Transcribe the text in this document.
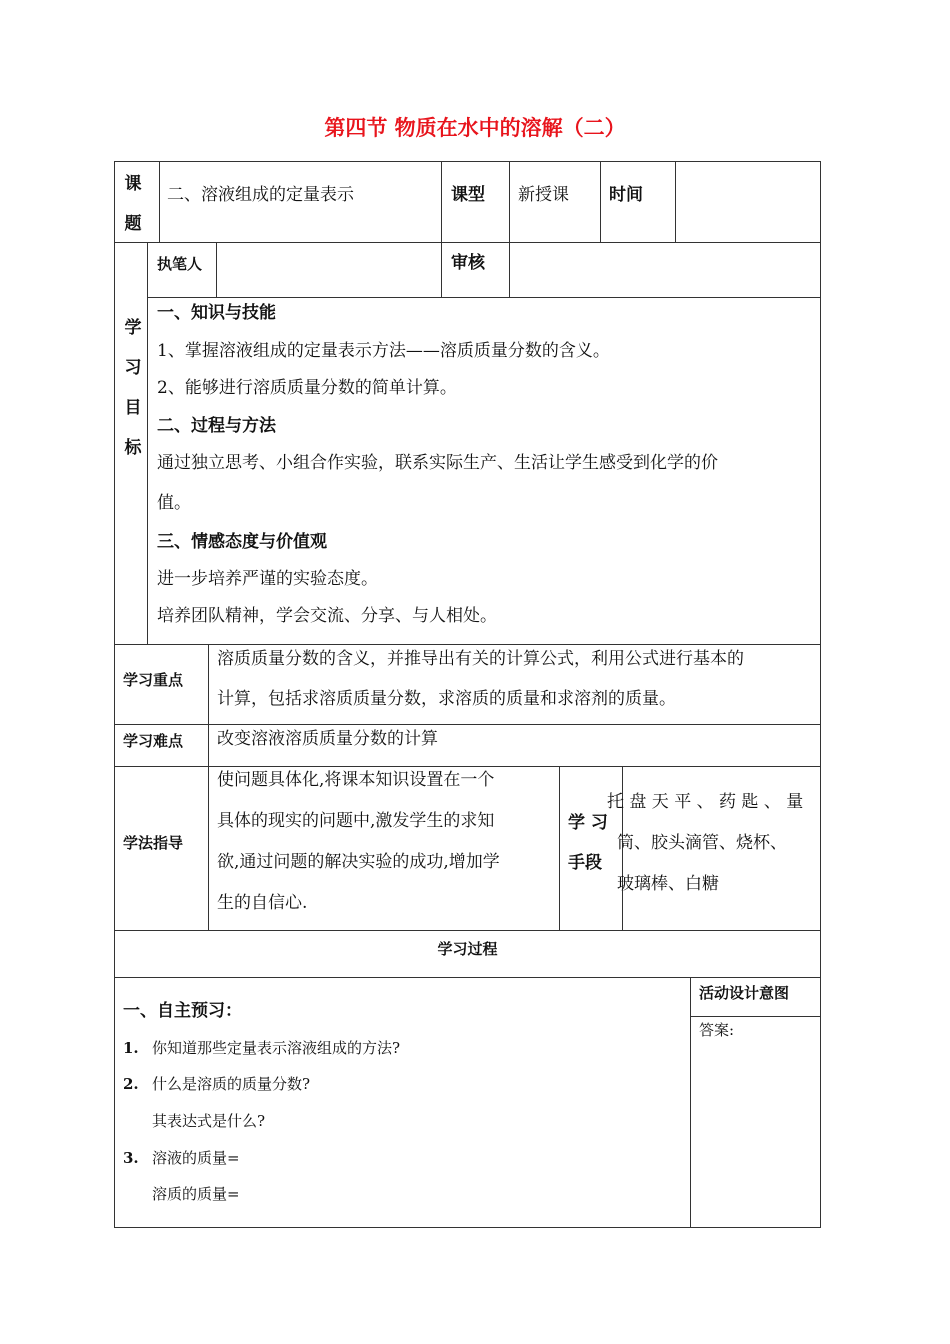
第四节 物质在水中的溶解（二）
课题
二、溶液组成的定量表示	课型 新授课 时间
执笔人	审核
学习目标
一、知识与技能
1、掌握溶液组成的定量表示方法——溶质质量分数的含义。
2、能够进行溶质质量分数的简单计算。
二、过程与方法
通过独立思考、小组合作实验，联系实际生产、生活让学生感受到化学的价
值。
三、情感态度与价值观
进一步培养严谨的实验态度。
培养团队精神，学会交流、分享、与人相处。
学习重点
溶质质量分数的含义，并推导出有关的计算公式，利用公式进行基本的
计算，包括求溶质质量分数，求溶质的质量和求溶剂的质量。
学习难点 改变溶液溶质质量分数的计算
学法指导
使问题具体化,将课本知识设置在一个
具体的现实的问题中,激发学生的求知
欲,通过问题的解决实验的成功,增加学
生的自信心.
学 习
手段
托 盘 天 平 、 药 匙 、 量
筒、胶头滴管、烧杯、
玻璃棒、白糖
学习过程
一、自主预习：
1. 你知道那些定量表示溶液组成的方法?
2. 什么是溶质的质量分数?
其表达式是什么?
3. 溶液的质量=
溶质的质量=
活动设计意图
答案:
